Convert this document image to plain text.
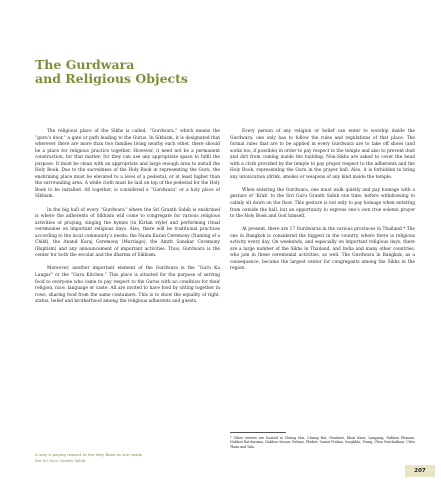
The Gurdwara
and Religious Objects

The religious place of the Sikhs is called, “Gurdwara,” which means the “guru’s door,” a gate or path leading to the Gurus. In Sikhism, it is designated that wherever there are more than two families living nearby each other, there should be a place for religious practice together. However, it need not be a permanent construction, for that matter; for they can use any appropriate space to fulfil the purpose. It must be clean with an appropriate and large enough area to install the Holy Book. Due to the sacredness of the Holy Book in representing the Guru, the enshrining place must be elevated to a level of a pedestal, or at least higher than the surrounding area. A white cloth must be laid on top of the pedestal for the Holy Book to be installed. All together, is considered a “Gurdwara” or a holy place of Sikhism.

In the big hall of every “Gurdwara” where the Sri Granth Sahib is enshrined is where the adherents of Sikhism will come to congregate for various religious activities of praying, singing the hymns (in Kirtan style) and performing ritual ceremonies on important religious days. Also, there will be traditional practices according to the local community’s needs: the Naam Karan Ceremony (Naming of a Child), the Anand Karaj Ceremony (Marriage), the Amrit Sanskar Ceremony (Baptism) and any announcement of important activities. Thus, Gurdwara is the center for both the secular and the dharma of Sikhism.

Moreover, another important element of the Gurdwara is the “Guru Ka Langar” or the “Guru Kitchen.” This place is situated for the purpose of serving food to everyone who came to pay respect to the Gurus with no condition for their religion, race, language or caste. All are invited to have food by sitting together in rows, sharing food from the same containers. This is to show the equality of right, status, belief and brotherhood among the religious adherents and guests.

Every person of any religion or belief can enter to worship inside the Gurdwara; one only has to follow the rules and regulations of that place. The formal rules that are to be applied in every Gurdwara are to take off shoes (and socks too, if possible) in order to pay respect to the temple and also to prevent dust and dirt from coming inside the building. Non-Sikhs are asked to cover the head with a cloth provided by the temple to pay proper respect to the adherents and the Holy Book, representing the Guru in the prayer hall. Also, it is forbidden to bring any intoxication (drink, smoke) or weapons of any kind inside the temple.

When entering the Gurdwara, one must walk quietly and pay homage with a gesture of ‘Krab’ to the Siri Guru Granth Sahib one time, before withdrawing to calmly sit down on the floor. This gesture is not only to pay homage when entering from outside the hall, but an opportunity to express one’s own true solemn prayer to the Holy Book and God himself.

At present, there are 17 Gurdwaras in the various provinces in Thailand.* The one in Bangkok is considered the biggest in the country, where there is religious activity every day. On weekends, and especially on important religious days, there are a large number of the Sikhs in Thailand, and India and many other countries, who join in these ceremonial activities, as well. The Gurdwara in Bangkok, as a consequence, became the largest center for congregants among the Sikhs in the region.

* Other centers are located in Chiang Mai, Chiang Rai, Chonburi, Khon Kaen, Lampang, Nakhon Phanom, Nakhon Ratchasima, Nakhon Sawan, Pattani, Phuket, Samut Prakan, Songkhla, Trang, Ubon Ratchathani, Udon Thani and Yala.
A lady is paying respect to the Holy Book as she heads
the Sri Guru Granth Sahib
207
